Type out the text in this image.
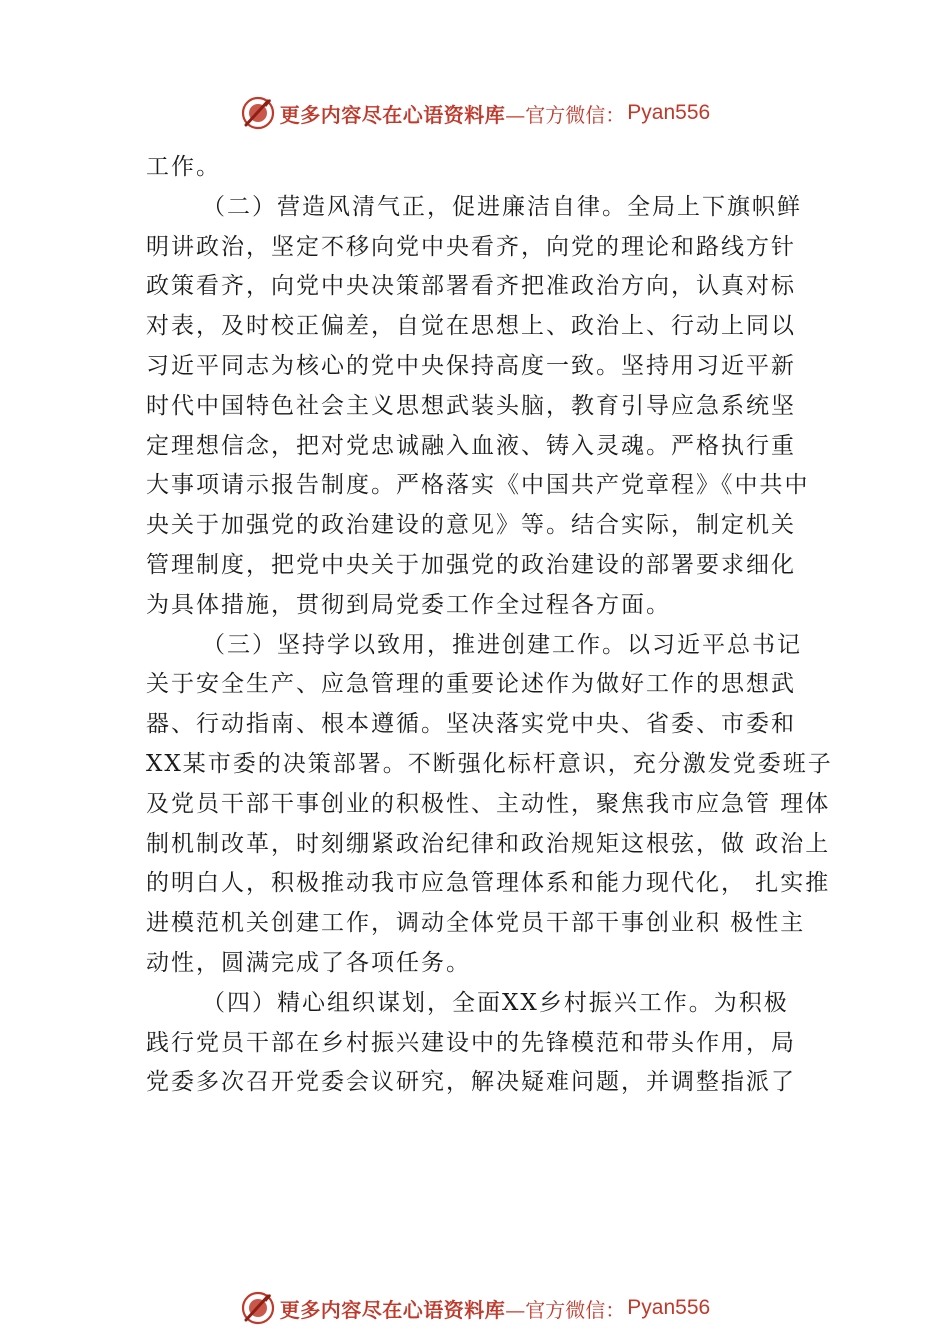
更多内容尽在心语资料库 —官方微信： Pyan556
工作。
（二）营造风清气正，促进廉洁自律。全局上下旗帜鲜
明讲政治，坚定不移向党中央看齐，向党的理论和路线方针
政策看齐，向党中央决策部署看齐把准政治方向，认真对标
对表，及时校正偏差，自觉在思想上、政治上、行动上同以
习近平同志为核心的党中央保持高度一致。坚持用习近平新
时代中国特色社会主义思想武装头脑，教育引导应急系统坚
定理想信念，把对党忠诚融入血液、铸入灵魂。严格执行重
大事项请示报告制度。严格落实《中国共产党章程》《中共中
央关于加强党的政治建设的意见》等。结合实际，制定机关
管理制度，把党中央关于加强党的政治建设的部署要求细化
为具体措施，贯彻到局党委工作全过程各方面。
（三）坚持学以致用，推进创建工作。以习近平总书记
关于安全生产、应急管理的重要论述作为做好工作的思想武
器、行动指南、根本遵循。坚决落实党中央、省委、市委和
XX某市委的决策部署。不断强化标杆意识，充分激发党委班子
及党员干部干事创业的积极性、主动性，聚焦我市应急管 理体
制机制改革，时刻绷紧政治纪律和政治规矩这根弦，做 政治上
的明白人，积极推动我市应急管理体系和能力现代化， 扎实推
进模范机关创建工作，调动全体党员干部干事创业积 极性主
动性，圆满完成了各项任务。
（四）精心组织谋划，全面XX乡村振兴工作。为积极
践行党员干部在乡村振兴建设中的先锋模范和带头作用，局
党委多次召开党委会议研究，解决疑难问题，并调整指派了
更多内容尽在心语资料库 —官方微信： Pyan556
